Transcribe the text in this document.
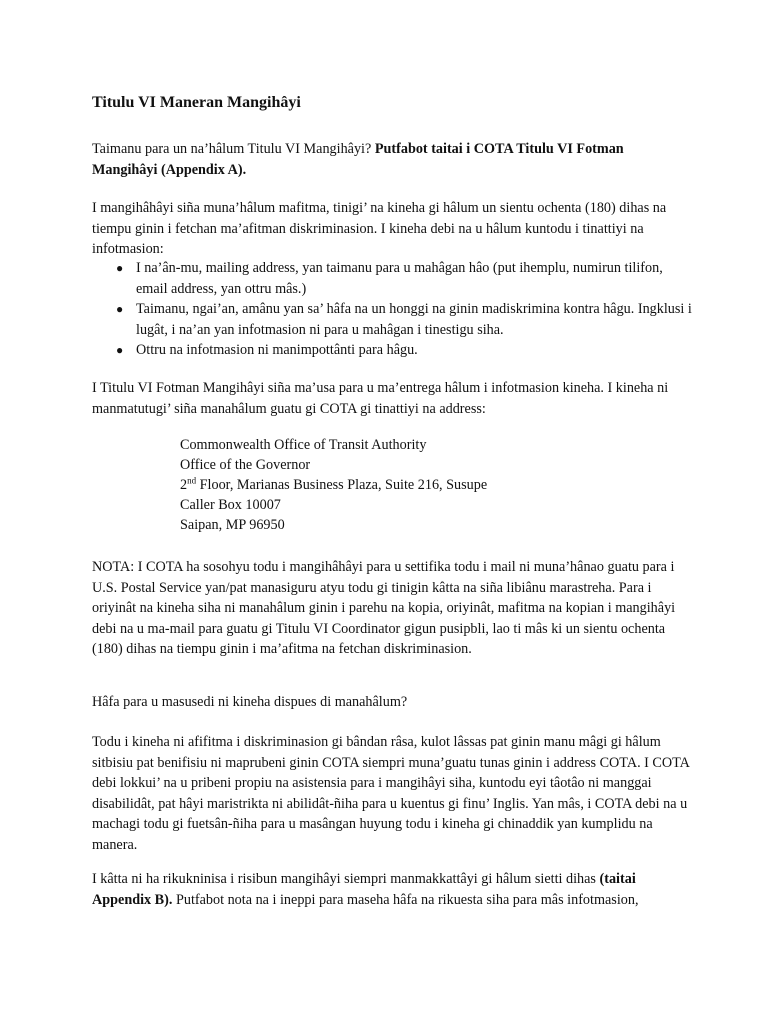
Titulu VI Maneran Mangihâyi

Taimanu para un na’hâlum Titulu VI Mangihâyi? Putfabot taitai i COTA Titulu VI Fotman Mangihâyi (Appendix A).

I mangihâhâyi siña muna’hâlum mafitma, tinigi’ na kineha gi hâlum un sientu ochenta (180) dihas na tiempu ginin i fetchan ma’afitman diskriminasion. I kineha debi na u hâlum kuntodu i tinattiyi na infotmasion:

● I na’ân-mu, mailing address, yan taimanu para u mahâgan hâo (put ihemplu, numirun tilifon, email address, yan ottru mâs.)
● Taimanu, ngai’an, amânu yan sa’ hâfa na un honggi na ginin madiskrimina kontra hâgu. Ingklusi i lugât, i na’an yan infotmasion ni para u mahâgan i tinestigu siha.
● Ottru na infotmasion ni manimpottânti para hâgu.

I Titulu VI Fotman Mangihâyi siña ma’usa para u ma’entrega hâlum i infotmasion kineha. I kineha ni manmatutugi’ siña manahâlum guatu gi COTA gi tinattiyi na address:

Commonwealth Office of Transit Authority
Office of the Governor
2nd Floor, Marianas Business Plaza, Suite 216, Susupe
Caller Box 10007
Saipan, MP 96950

NOTA: I COTA ha sosohyu todu i mangihâhâyi para u settifika todu i mail ni muna’hânao guatu para i U.S. Postal Service yan/pat manasiguru atyu todu gi tinigin kâtta na siña libiânu marastreha. Para i oriyinât na kineha siha ni manahâlum ginin i parehu na kopia, oriyinât, mafitma na kopian i mangihâyi debi na u ma-mail para guatu gi Titulu VI Coordinator gigun pusipbli, lao ti mâs ki un sientu ochenta (180) dihas na tiempu ginin i ma’afitma na fetchan diskriminasion.

Hâfa para u masusedi ni kineha dispues di manahâlum?

Todu i kineha ni afifitma i diskriminasion gi bândan râsa, kulot lâssas pat ginin manu mâgi gi hâlum sitbisiu pat benifisiu ni maprubeni ginin COTA siempri muna’guatu tunas ginin i address COTA. I COTA debi lokkui’ na u pribeni propiu na asistensia para i mangihâyi siha, kuntodu eyi tâotâo ni manggai disabilidât, pat hâyi maristrikta ni abilidât-ñiha para u kuentus gi finu’ Inglis. Yan mâs, i COTA debi na u machagi todu gi fuetsân-ñiha para u masângan huyung todu i kineha gi chinaddik yan kumplidu na manera.

I kâtta ni ha rikukninisa i risibun mangihâyi siempri manmakkattâyi gi hâlum sietti dihas (taitai Appendix B). Putfabot nota na i ineppi para maseha hâfa na rikuesta siha para mâs infotmasion,
